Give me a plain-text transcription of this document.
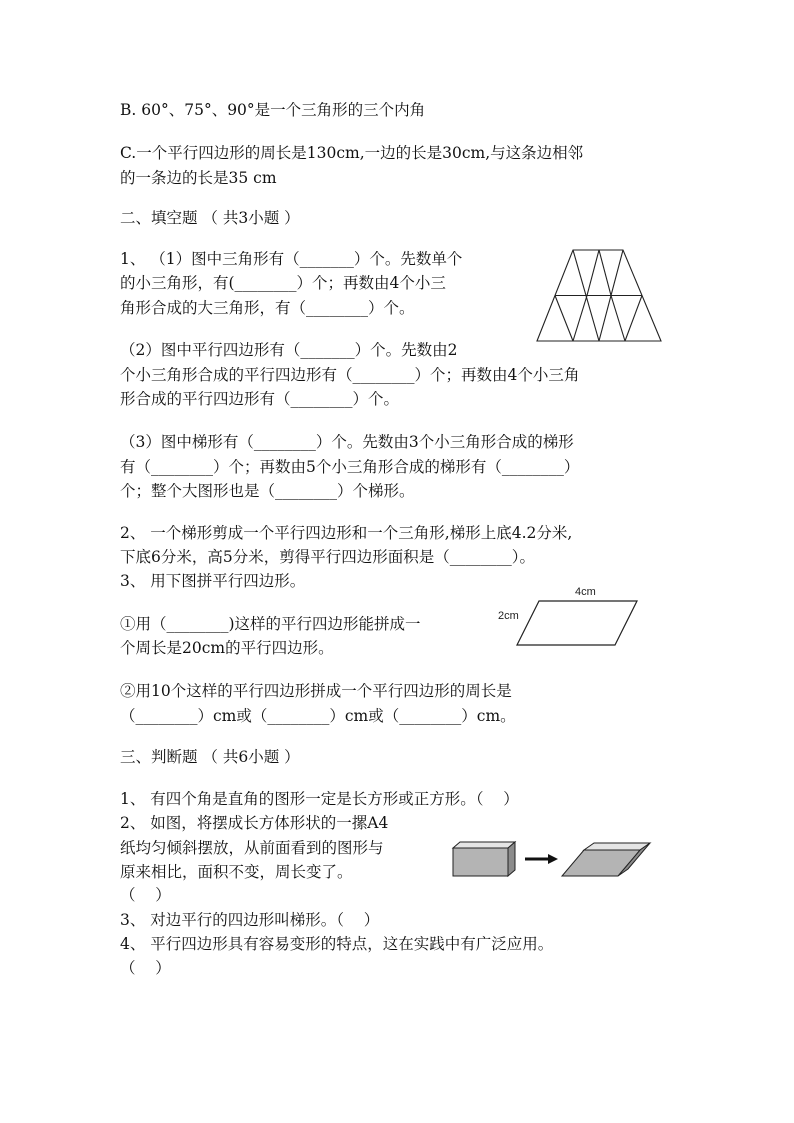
B. 60°、75°、90°是一个三角形的三个内角
C.一个平行四边形的周长是130cm,一边的长是30cm,与这条边相邻
的一条边的长是35 cm
二、填空题 （ 共3小题 ）
1、 （1）图中三角形有（_______）个。先数单个
的小三角形，有(________）个；再数由4个小三
角形合成的大三角形，有（________）个。
（2）图中平行四边形有（_______）个。先数由2
个小三角形合成的平行四边形有（________）个；再数由4个小三角
形合成的平行四边形有（________）个。
（3）图中梯形有（________）个。先数由3个小三角形合成的梯形
有（________）个；再数由5个小三角形合成的梯形有（________）
个；整个大图形也是（________）个梯形。
2、 一个梯形剪成一个平行四边形和一个三角形,梯形上底4.2分米,
下底6分米，高5分米，剪得平行四边形面积是（________）。
3、 用下图拼平行四边形。
4cm
2cm
①用（________)这样的平行四边形能拼成一
个周长是20cm的平行四边形。
②用10个这样的平行四边形拼成一个平行四边形的周长是
（________）cm或（________）cm或（________）cm。
三、判断题 （ 共6小题 ）
1、 有四个角是直角的图形一定是长方形或正方形。（    ）
2、 如图，将摆成长方体形状的一摞A4
纸均匀倾斜摆放，从前面看到的图形与
原来相比，面积不变，周长变了。
（    ）
3、 对边平行的四边形叫梯形。（    ）
4、 平行四边形具有容易变形的特点，这在实践中有广泛应用。
（    ）
